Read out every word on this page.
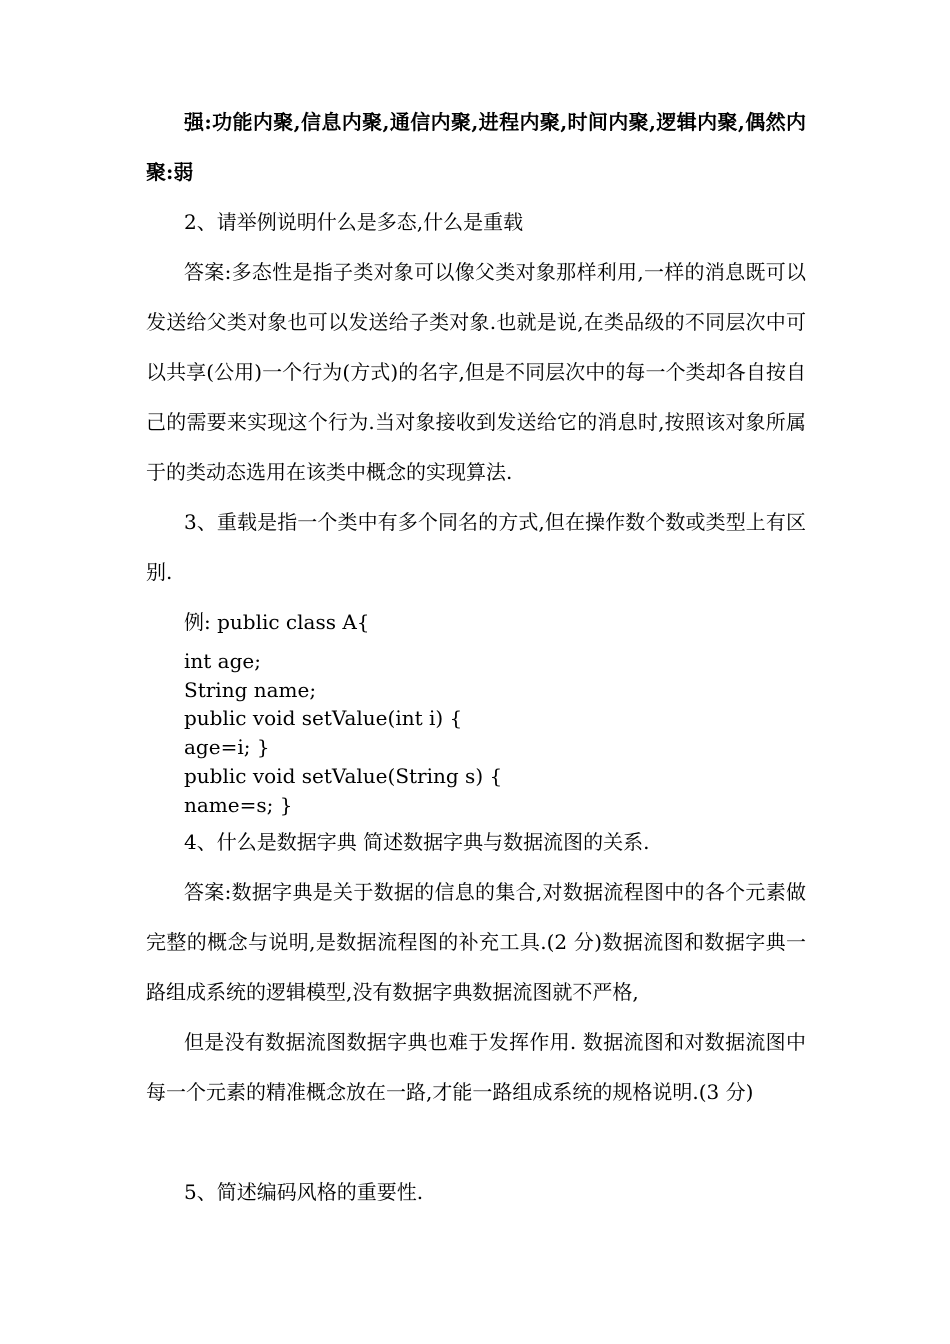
强:功能内聚,信息内聚,通信内聚,进程内聚,时间内聚,逻辑内聚,偶然内聚:弱

2、请举例说明什么是多态,什么是重载

答案:多态性是指子类对象可以像父类对象那样利用,一样的消息既可以发送给父类对象也可以发送给子类对象.也就是说,在类品级的不同层次中可以共享(公用)一个行为(方式)的名字,但是不同层次中的每一个类却各自按自己的需要来实现这个行为.当对象接收到发送给它的消息时,按照该对象所属于的类动态选用在该类中概念的实现算法.

3、重载是指一个类中有多个同名的方式,但在操作数个数或类型上有区别.

例: public class A{

int age;
String name;
public void setValue(int i) {
age=i; }
public void setValue(String s) {
name=s; }

4、什么是数据字典 简述数据字典与数据流图的关系.

答案:数据字典是关于数据的信息的集合,对数据流程图中的各个元素做完整的概念与说明,是数据流程图的补充工具.(2 分)数据流图和数据字典一路组成系统的逻辑模型,没有数据字典数据流图就不严格,

但是没有数据流图数据字典也难于发挥作用. 数据流图和对数据流图中每一个元素的精准概念放在一路,才能一路组成系统的规格说明.(3 分)

5、简述编码风格的重要性.
